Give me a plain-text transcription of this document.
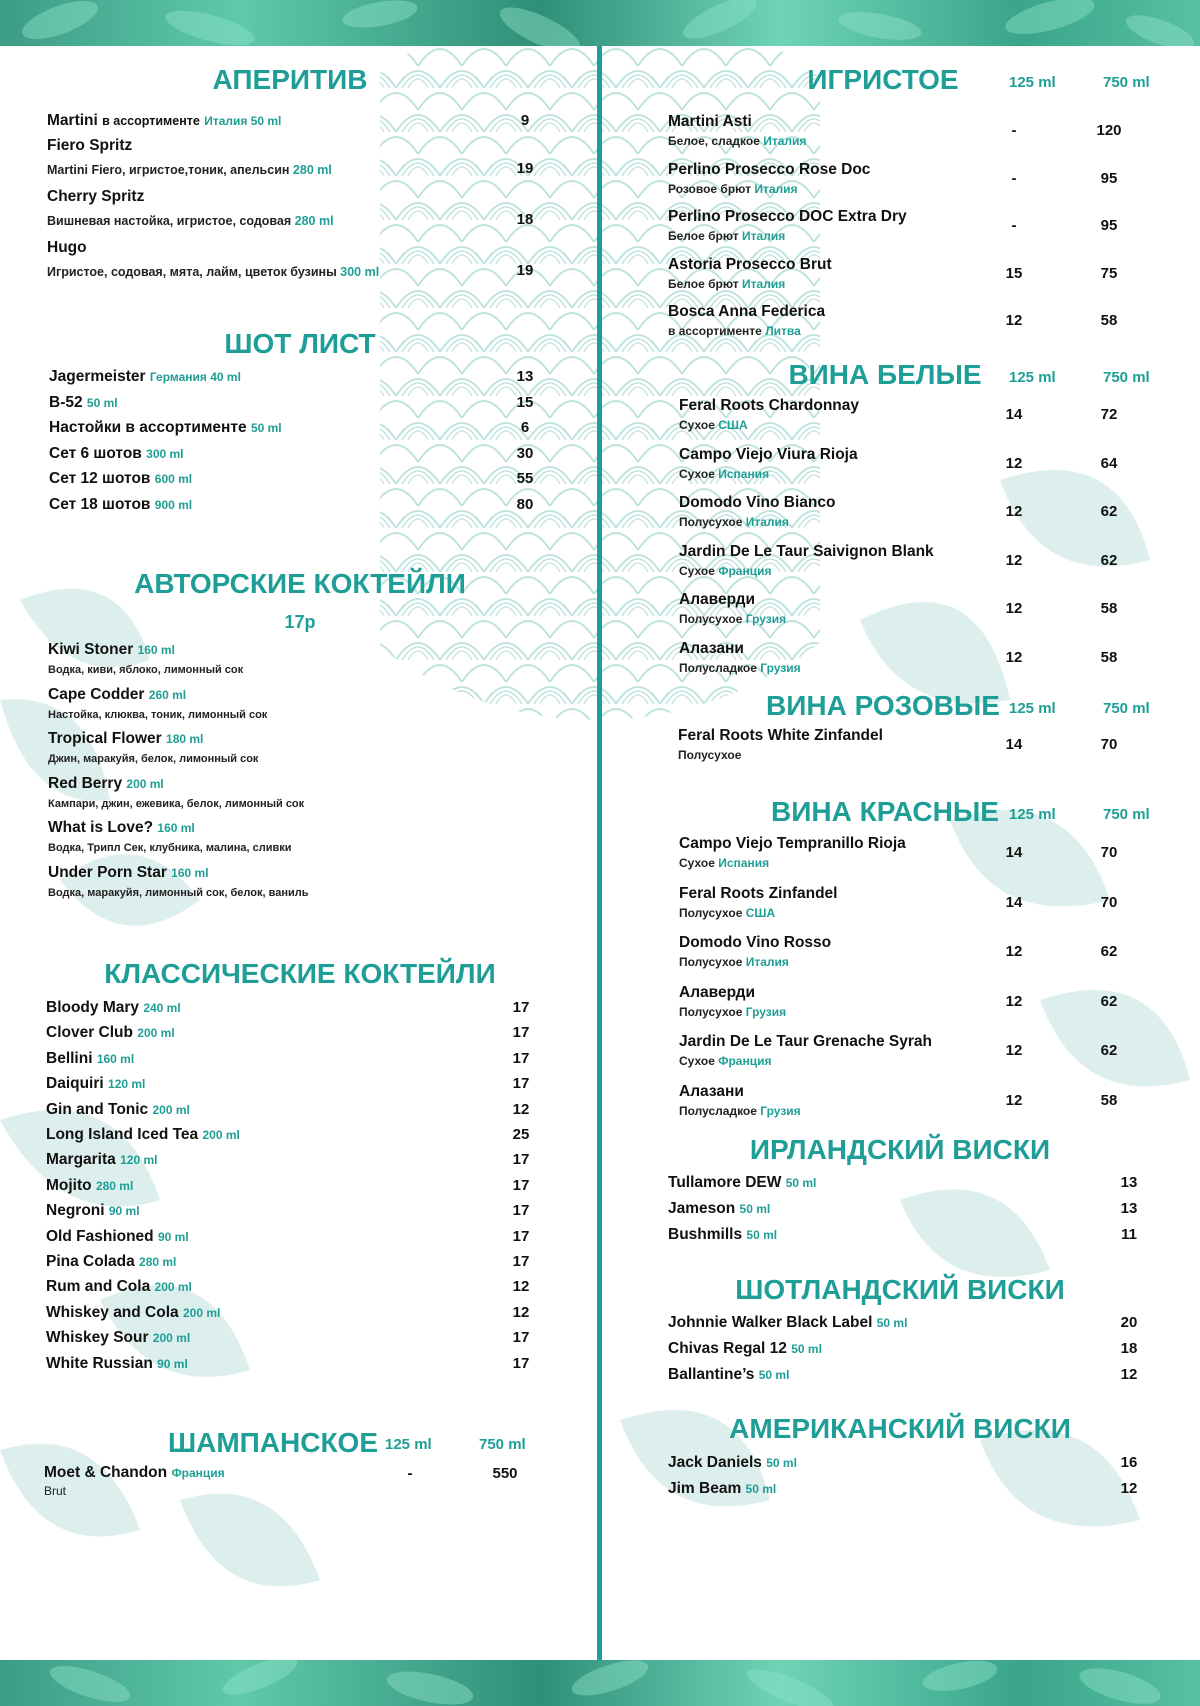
АПЕРИТИВ
Martini в ассортименте Италия 50 ml	9
Fiero Spritz
Martini Fiero, игристое,тоник, апельсин 280 ml	19
Cherry Spritz
Вишневая настойка, игристое, содовая 280 ml	18
Hugo
Игристое, содовая, мята, лайм, цветок бузины 300 ml	19
ШОТ ЛИСТ
Jagermeister Германия 40 ml	13
B-52 50 ml	15
Настойки в ассортименте 50 ml	6
Сет 6 шотов 300 ml	30
Сет 12 шотов 600 ml	55
Сет 18 шотов 900 ml	80
АВТОРСКИЕ КОКТЕЙЛИ
17р
Kiwi Stoner 160 ml
Водка, киви, яблоко, лимонный сок
Cape Codder 260 ml
Настойка, клюква, тоник, лимонный сок
Tropical Flower 180 ml
Джин, маракуйя, белок, лимонный сок
Red Berry 200 ml
Кампари, джин, ежевика, белок, лимонный сок
What is Love? 160 ml
Водка, Трипл Сек, клубника, малина, сливки
Under Porn Star 160 ml
Водка, маракуйя, лимонный сок, белок, ваниль
КЛАССИЧЕСКИЕ КОКТЕЙЛИ
Bloody Mary 240 ml	17
Clover Club 200 ml	17
Bellini 160 ml	17
Daiquiri 120 ml	17
Gin and Tonic 200 ml	12
Long Island Iced Tea 200 ml	25
Margarita 120 ml	17
Mojito 280 ml	17
Negroni 90 ml	17
Old Fashioned 90 ml	17
Pina Colada 280 ml	17
Rum and Cola 200 ml	12
Whiskey and Cola 200 ml	12
Whiskey Sour 200 ml	17
White Russian 90 ml	17
ШАМПАНСКОЕ 125 ml	750 ml
Moet & Chandon Франция
Brut
-	550
ИГРИСТОЕ	125 ml	750 ml
Martini Asti
Белое, сладкое Италия
-	120
Perlino Prosecco Rose Doc
Розовое брют Италия
-	95
Perlino Prosecco DOC Extra Dry
Белое брют Италия
-	95
Astoria Prosecco Brut
Белое брют Италия
15	75
Bosca Anna Federica
в ассортименте Литва
12	58
ВИНА БЕЛЫЕ 125 ml	750 ml
Feral Roots Chardonnay
Сухое США
14	72
Campo Viejo Viura Rioja
Сухое Испания
12	64
Domodo Vino Bianco
Полусухое Италия
12	62
Jardin De Le Taur Saivignon Blank
Сухое Франция
12	62
Алаверди
Полусухое Грузия
12	58
Алазани
Полусладкое Грузия
12	58
ВИНА РОЗОВЫЕ 125 ml	750 ml
Feral Roots White Zinfandel
Полусухое
14	70
ВИНА КРАСНЫЕ 125 ml	750 ml
Campo Viejo Tempranillo Rioja
Сухое Испания
14	70
Feral Roots Zinfandel
Полусухое США
14	70
Domodo Vino Rosso
Полусухое Италия
12	62
Алаверди
Полусухое Грузия
12	62
Jardin De Le Taur Grenache Syrah
Сухое Франция
12	62
Алазани
Полусладкое Грузия
12	58
ИРЛАНДСКИЙ ВИСКИ
Tullamore DEW 50 ml	13
Jameson 50 ml	13
Bushmills 50 ml	11
ШОТЛАНДСКИЙ ВИСКИ
Johnnie Walker Black Label 50 ml	20
Chivas Regal 12 50 ml	18
Ballantine’s 50 ml	12
АМЕРИКАНСКИЙ ВИСКИ
Jack Daniels 50 ml	16
Jim Beam 50 ml	12
